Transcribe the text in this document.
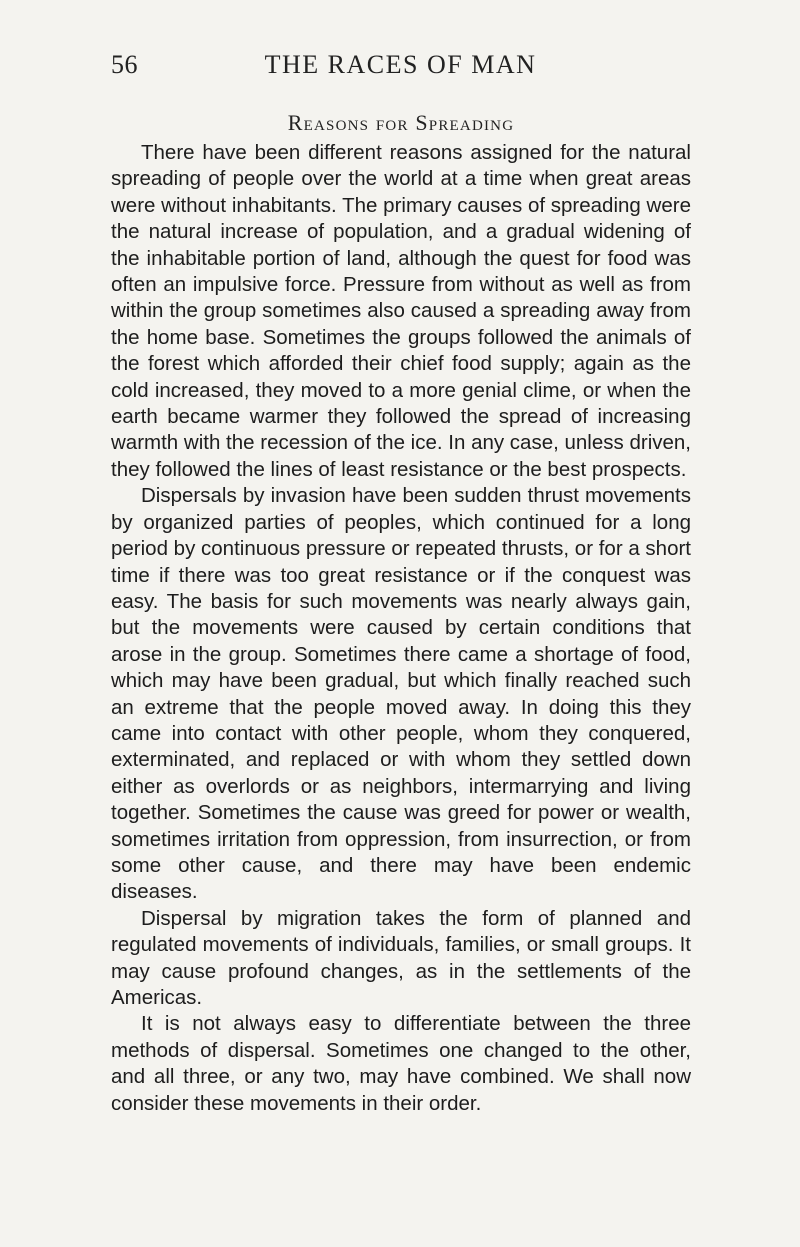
56	THE RACES OF MAN
Reasons for Spreading

There have been different reasons assigned for the natural spreading of people over the world at a time when great areas were without inhabitants. The primary causes of spreading were the natural increase of population, and a gradual widening of the inhabitable portion of land, although the quest for food was often an impulsive force. Pressure from without as well as from within the group sometimes also caused a spreading away from the home base. Sometimes the groups followed the animals of the forest which afforded their chief food supply; again as the cold increased, they moved to a more genial clime, or when the earth became warmer they followed the spread of increasing warmth with the recession of the ice. In any case, unless driven, they followed the lines of least resistance or the best prospects.

Dispersals by invasion have been sudden thrust movements by organized parties of peoples, which continued for a long period by continuous pressure or repeated thrusts, or for a short time if there was too great resistance or if the conquest was easy. The basis for such movements was nearly always gain, but the movements were caused by certain conditions that arose in the group. Sometimes there came a shortage of food, which may have been gradual, but which finally reached such an extreme that the people moved away. In doing this they came into contact with other people, whom they conquered, exterminated, and replaced or with whom they settled down either as overlords or as neighbors, intermarrying and living together. Sometimes the cause was greed for power or wealth, sometimes irritation from oppression, from insurrection, or from some other cause, and there may have been endemic diseases.

Dispersal by migration takes the form of planned and regulated movements of individuals, families, or small groups. It may cause profound changes, as in the settlements of the Americas.

It is not always easy to differentiate between the three methods of dispersal. Sometimes one changed to the other, and all three, or any two, may have combined. We shall now consider these movements in their order.
